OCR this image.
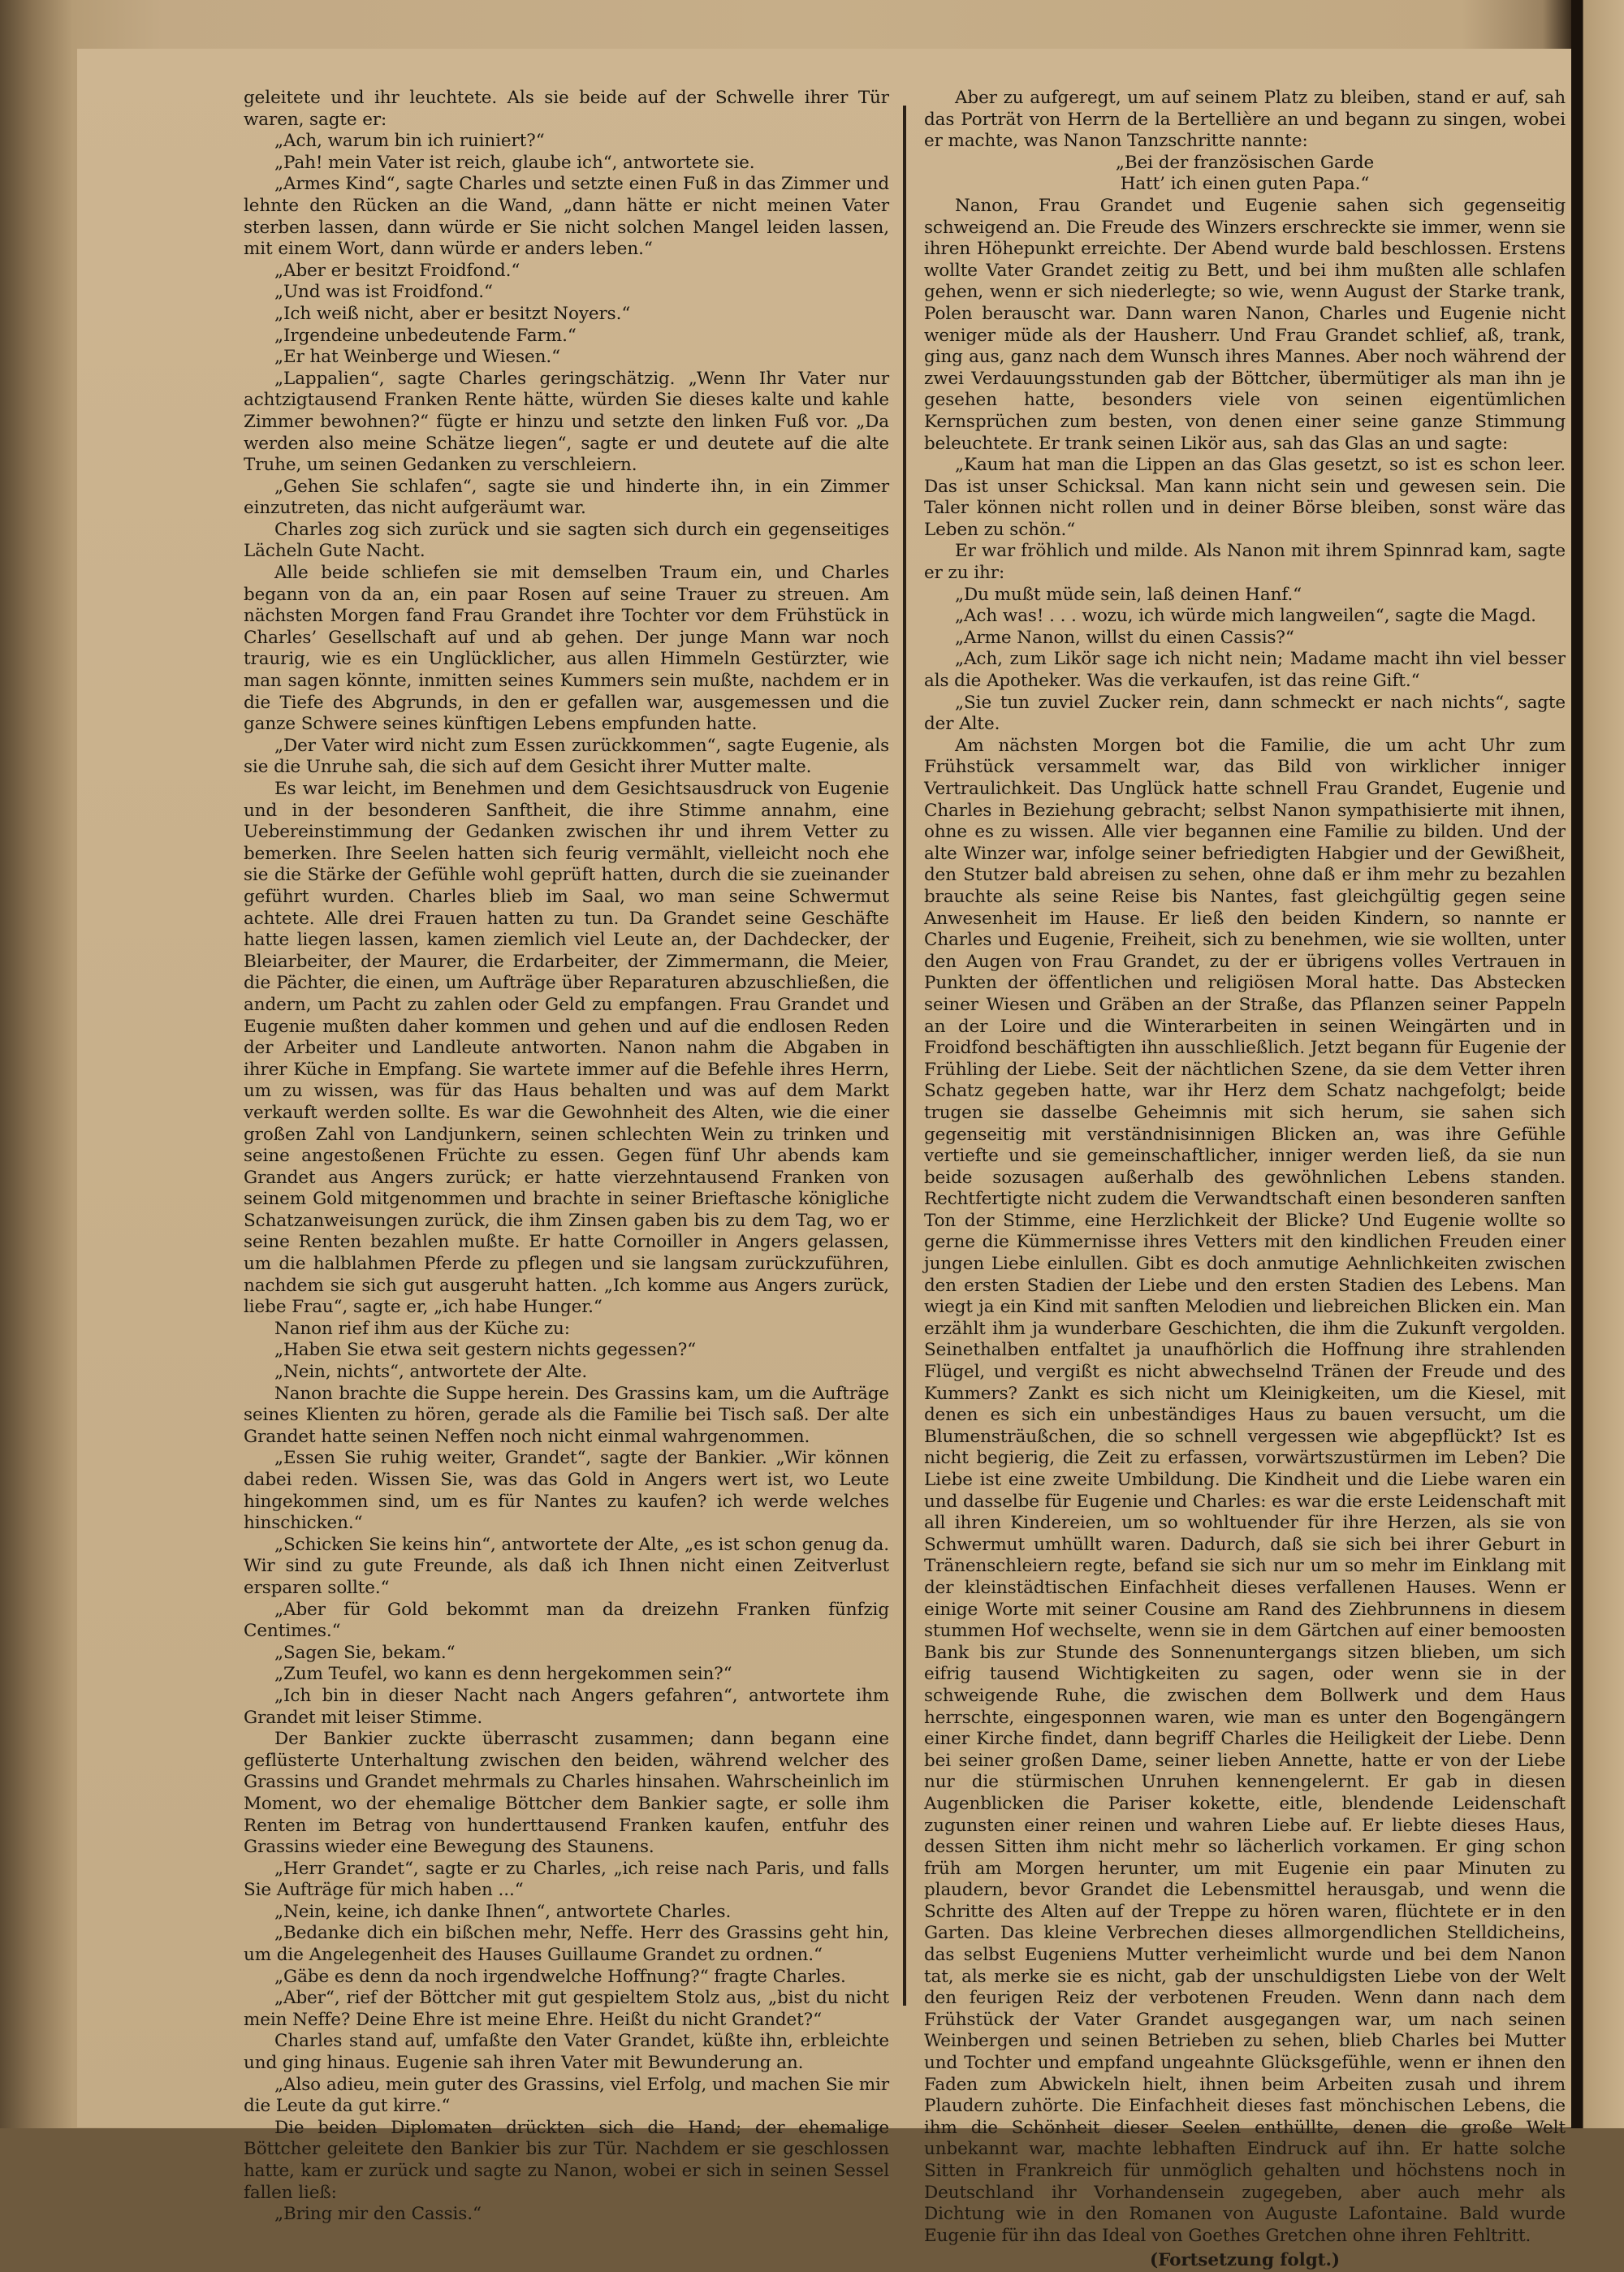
geleitete und ihr leuchtete. Als sie beide auf der Schwelle ihrer Tür waren, sagte er:

„Ach, warum bin ich ruiniert?“

„Pah! mein Vater ist reich, glaube ich“, antwortete sie.

„Armes Kind“, sagte Charles und setzte einen Fuß in das Zimmer und lehnte den Rücken an die Wand, „dann hätte er nicht meinen Vater sterben lassen, dann würde er Sie nicht solchen Mangel leiden lassen, mit einem Wort, dann würde er anders leben.“

„Aber er besitzt Froidfond.“

„Und was ist Froidfond.“

„Ich weiß nicht, aber er besitzt Noyers.“

„Irgendeine unbedeutende Farm.“

„Er hat Weinberge und Wiesen.“

„Lappalien“, sagte Charles geringschätzig. „Wenn Ihr Vater nur achtzigtausend Franken Rente hätte, würden Sie dieses kalte und kahle Zimmer bewohnen?“ fügte er hinzu und setzte den linken Fuß vor. „Da werden also meine Schätze liegen“, sagte er und deutete auf die alte Truhe, um seinen Gedanken zu verschleiern.

„Gehen Sie schlafen“, sagte sie und hinderte ihn, in ein Zimmer einzutreten, das nicht aufgeräumt war.

Charles zog sich zurück und sie sagten sich durch ein gegenseitiges Lächeln Gute Nacht.

Alle beide schliefen sie mit demselben Traum ein, und Charles begann von da an, ein paar Rosen auf seine Trauer zu streuen. Am nächsten Morgen fand Frau Grandet ihre Tochter vor dem Frühstück in Charles’ Gesellschaft auf und ab gehen. Der junge Mann war noch traurig, wie es ein Unglücklicher, aus allen Himmeln Gestürzter, wie man sagen könnte, inmitten seines Kummers sein mußte, nachdem er in die Tiefe des Abgrunds, in den er gefallen war, ausgemessen und die ganze Schwere seines künftigen Lebens empfunden hatte.

„Der Vater wird nicht zum Essen zurückkommen“, sagte Eugenie, als sie die Unruhe sah, die sich auf dem Gesicht ihrer Mutter malte.

Es war leicht, im Benehmen und dem Gesichtsausdruck von Eugenie und in der besonderen Sanftheit, die ihre Stimme annahm, eine Uebereinstimmung der Gedanken zwischen ihr und ihrem Vetter zu bemerken. Ihre Seelen hatten sich feurig vermählt, vielleicht noch ehe sie die Stärke der Gefühle wohl geprüft hatten, durch die sie zueinander geführt wurden. Charles blieb im Saal, wo man seine Schwermut achtete. Alle drei Frauen hatten zu tun. Da Grandet seine Geschäfte hatte liegen lassen, kamen ziemlich viel Leute an, der Dachdecker, der Bleiarbeiter, der Maurer, die Erdarbeiter, der Zimmermann, die Meier, die Pächter, die einen, um Aufträge über Reparaturen abzuschließen, die andern, um Pacht zu zahlen oder Geld zu empfangen. Frau Grandet und Eugenie mußten daher kommen und gehen und auf die endlosen Reden der Arbeiter und Landleute antworten. Nanon nahm die Abgaben in ihrer Küche in Empfang. Sie wartete immer auf die Befehle ihres Herrn, um zu wissen, was für das Haus behalten und was auf dem Markt verkauft werden sollte. Es war die Gewohnheit des Alten, wie die einer großen Zahl von Landjunkern, seinen schlechten Wein zu trinken und seine angestoßenen Früchte zu essen. Gegen fünf Uhr abends kam Grandet aus Angers zurück; er hatte vierzehntausend Franken von seinem Gold mitgenommen und brachte in seiner Brieftasche königliche Schatzanweisungen zurück, die ihm Zinsen gaben bis zu dem Tag, wo er seine Renten bezahlen mußte. Er hatte Cornoiller in Angers gelassen, um die halblahmen Pferde zu pflegen und sie langsam zurückzuführen, nachdem sie sich gut ausgeruht hatten. „Ich komme aus Angers zurück, liebe Frau“, sagte er, „ich habe Hunger.“

Nanon rief ihm aus der Küche zu:

„Haben Sie etwa seit gestern nichts gegessen?“

„Nein, nichts“, antwortete der Alte.

Nanon brachte die Suppe herein. Des Grassins kam, um die Aufträge seines Klienten zu hören, gerade als die Familie bei Tisch saß. Der alte Grandet hatte seinen Neffen noch nicht einmal wahrgenommen.

„Essen Sie ruhig weiter, Grandet“, sagte der Bankier. „Wir können dabei reden. Wissen Sie, was das Gold in Angers wert ist, wo Leute hingekommen sind, um es für Nantes zu kaufen? ich werde welches hinschicken.“

„Schicken Sie keins hin“, antwortete der Alte, „es ist schon genug da. Wir sind zu gute Freunde, als daß ich Ihnen nicht einen Zeitverlust ersparen sollte.“

„Aber für Gold bekommt man da dreizehn Franken fünfzig Centimes.“

„Sagen Sie, bekam.“

„Zum Teufel, wo kann es denn hergekommen sein?“

„Ich bin in dieser Nacht nach Angers gefahren“, antwortete ihm Grandet mit leiser Stimme.

Der Bankier zuckte überrascht zusammen; dann begann eine geflüsterte Unterhaltung zwischen den beiden, während welcher des Grassins und Grandet mehrmals zu Charles hinsahen. Wahrscheinlich im Moment, wo der ehemalige Böttcher dem Bankier sagte, er solle ihm Renten im Betrag von hunderttausend Franken kaufen, entfuhr des Grassins wieder eine Bewegung des Staunens.

„Herr Grandet“, sagte er zu Charles, „ich reise nach Paris, und falls Sie Aufträge für mich haben ...“

„Nein, keine, ich danke Ihnen“, antwortete Charles.

„Bedanke dich ein bißchen mehr, Neffe. Herr des Grassins geht hin, um die Angelegenheit des Hauses Guillaume Grandet zu ordnen.“

„Gäbe es denn da noch irgendwelche Hoffnung?“ fragte Charles.

„Aber“, rief der Böttcher mit gut gespieltem Stolz aus, „bist du nicht mein Neffe? Deine Ehre ist meine Ehre. Heißt du nicht Grandet?“

Charles stand auf, umfaßte den Vater Grandet, küßte ihn, erbleichte und ging hinaus. Eugenie sah ihren Vater mit Bewunderung an.

„Also adieu, mein guter des Grassins, viel Erfolg, und machen Sie mir die Leute da gut kirre.“

Die beiden Diplomaten drückten sich die Hand; der ehemalige Böttcher geleitete den Bankier bis zur Tür. Nachdem er sie geschlossen hatte, kam er zurück und sagte zu Nanon, wobei er sich in seinen Sessel fallen ließ:

„Bring mir den Cassis.“

Aber zu aufgeregt, um auf seinem Platz zu bleiben, stand er auf, sah das Porträt von Herrn de la Bertellière an und begann zu singen, wobei er machte, was Nanon Tanzschritte nannte:

„Bei der französischen Garde

Hatt’ ich einen guten Papa.“

Nanon, Frau Grandet und Eugenie sahen sich gegenseitig schweigend an. Die Freude des Winzers erschreckte sie immer, wenn sie ihren Höhepunkt erreichte. Der Abend wurde bald beschlossen. Erstens wollte Vater Grandet zeitig zu Bett, und bei ihm mußten alle schlafen gehen, wenn er sich niederlegte; so wie, wenn August der Starke trank, Polen berauscht war. Dann waren Nanon, Charles und Eugenie nicht weniger müde als der Hausherr. Und Frau Grandet schlief, aß, trank, ging aus, ganz nach dem Wunsch ihres Mannes. Aber noch während der zwei Verdauungsstunden gab der Böttcher, übermütiger als man ihn je gesehen hatte, besonders viele von seinen eigentümlichen Kernsprüchen zum besten, von denen einer seine ganze Stimmung beleuchtete. Er trank seinen Likör aus, sah das Glas an und sagte:

„Kaum hat man die Lippen an das Glas gesetzt, so ist es schon leer. Das ist unser Schicksal. Man kann nicht sein und gewesen sein. Die Taler können nicht rollen und in deiner Börse bleiben, sonst wäre das Leben zu schön.“

Er war fröhlich und milde. Als Nanon mit ihrem Spinnrad kam, sagte er zu ihr:

„Du mußt müde sein, laß deinen Hanf.“

„Ach was! . . . wozu, ich würde mich langweilen“, sagte die Magd.

„Arme Nanon, willst du einen Cassis?“

„Ach, zum Likör sage ich nicht nein; Madame macht ihn viel besser als die Apotheker. Was die verkaufen, ist das reine Gift.“

„Sie tun zuviel Zucker rein, dann schmeckt er nach nichts“, sagte der Alte.

Am nächsten Morgen bot die Familie, die um acht Uhr zum Frühstück versammelt war, das Bild von wirklicher inniger Vertraulichkeit. Das Unglück hatte schnell Frau Grandet, Eugenie und Charles in Beziehung gebracht; selbst Nanon sympathisierte mit ihnen, ohne es zu wissen. Alle vier begannen eine Familie zu bilden. Und der alte Winzer war, infolge seiner befriedigten Habgier und der Gewißheit, den Stutzer bald abreisen zu sehen, ohne daß er ihm mehr zu bezahlen brauchte als seine Reise bis Nantes, fast gleichgültig gegen seine Anwesenheit im Hause. Er ließ den beiden Kindern, so nannte er Charles und Eugenie, Freiheit, sich zu benehmen, wie sie wollten, unter den Augen von Frau Grandet, zu der er übrigens volles Vertrauen in Punkten der öffentlichen und religiösen Moral hatte. Das Abstecken seiner Wiesen und Gräben an der Straße, das Pflanzen seiner Pappeln an der Loire und die Winterarbeiten in seinen Weingärten und in Froidfond beschäftigten ihn ausschließlich. Jetzt begann für Eugenie der Frühling der Liebe. Seit der nächtlichen Szene, da sie dem Vetter ihren Schatz gegeben hatte, war ihr Herz dem Schatz nachgefolgt; beide trugen sie dasselbe Geheimnis mit sich herum, sie sahen sich gegenseitig mit verständnisinnigen Blicken an, was ihre Gefühle vertiefte und sie gemeinschaftlicher, inniger werden ließ, da sie nun beide sozusagen außerhalb des gewöhnlichen Lebens standen. Rechtfertigte nicht zudem die Verwandtschaft einen besonderen sanften Ton der Stimme, eine Herzlichkeit der Blicke? Und Eugenie wollte so gerne die Kümmernisse ihres Vetters mit den kindlichen Freuden einer jungen Liebe einlullen. Gibt es doch anmutige Aehnlichkeiten zwischen den ersten Stadien der Liebe und den ersten Stadien des Lebens. Man wiegt ja ein Kind mit sanften Melodien und liebreichen Blicken ein. Man erzählt ihm ja wunderbare Geschichten, die ihm die Zukunft vergolden. Seinethalben entfaltet ja unaufhörlich die Hoffnung ihre strahlenden Flügel, und vergißt es nicht abwechselnd Tränen der Freude und des Kummers? Zankt es sich nicht um Kleinigkeiten, um die Kiesel, mit denen es sich ein unbeständiges Haus zu bauen versucht, um die Blumensträußchen, die so schnell vergessen wie abgepflückt? Ist es nicht begierig, die Zeit zu erfassen, vorwärtszustürmen im Leben? Die Liebe ist eine zweite Umbildung. Die Kindheit und die Liebe waren ein und dasselbe für Eugenie und Charles: es war die erste Leidenschaft mit all ihren Kindereien, um so wohltuender für ihre Herzen, als sie von Schwermut umhüllt waren. Dadurch, daß sie sich bei ihrer Geburt in Tränenschleiern regte, befand sie sich nur um so mehr im Einklang mit der kleinstädtischen Einfachheit dieses verfallenen Hauses. Wenn er einige Worte mit seiner Cousine am Rand des Ziehbrunnens in diesem stummen Hof wechselte, wenn sie in dem Gärtchen auf einer bemoosten Bank bis zur Stunde des Sonnenuntergangs sitzen blieben, um sich eifrig tausend Wichtigkeiten zu sagen, oder wenn sie in der schweigende Ruhe, die zwischen dem Bollwerk und dem Haus herrschte, eingesponnen waren, wie man es unter den Bogengängern einer Kirche findet, dann begriff Charles die Heiligkeit der Liebe. Denn bei seiner großen Dame, seiner lieben Annette, hatte er von der Liebe nur die stürmischen Unruhen kennengelernt. Er gab in diesen Augenblicken die Pariser kokette, eitle, blendende Leidenschaft zugunsten einer reinen und wahren Liebe auf. Er liebte dieses Haus, dessen Sitten ihm nicht mehr so lächerlich vorkamen. Er ging schon früh am Morgen herunter, um mit Eugenie ein paar Minuten zu plaudern, bevor Grandet die Lebensmittel herausgab, und wenn die Schritte des Alten auf der Treppe zu hören waren, flüchtete er in den Garten. Das kleine Verbrechen dieses allmorgendlichen Stelldicheins, das selbst Eugeniens Mutter verheimlicht wurde und bei dem Nanon tat, als merke sie es nicht, gab der unschuldigsten Liebe von der Welt den feurigen Reiz der verbotenen Freuden. Wenn dann nach dem Frühstück der Vater Grandet ausgegangen war, um nach seinen Weinbergen und seinen Betrieben zu sehen, blieb Charles bei Mutter und Tochter und empfand ungeahnte Glücksgefühle, wenn er ihnen den Faden zum Abwickeln hielt, ihnen beim Arbeiten zusah und ihrem Plaudern zuhörte. Die Einfachheit dieses fast mönchischen Lebens, die ihm die Schönheit dieser Seelen enthüllte, denen die große Welt unbekannt war, machte lebhaften Eindruck auf ihn. Er hatte solche Sitten in Frankreich für unmöglich gehalten und höchstens noch in Deutschland ihr Vorhandensein zugegeben, aber auch mehr als Dichtung wie in den Romanen von Auguste Lafontaine. Bald wurde Eugenie für ihn das Ideal von Goethes Gretchen ohne ihren Fehltritt.

(Fortsetzung folgt.)
